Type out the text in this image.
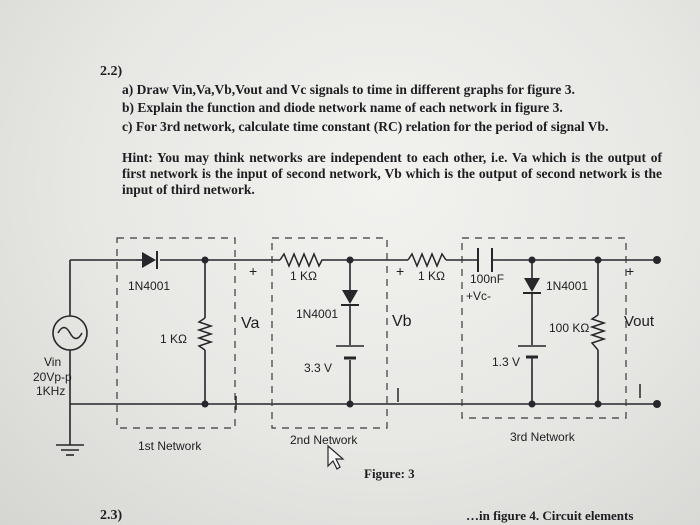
2.2)
a) Draw Vin,Va,Vb,Vout and Vc signals to time in different graphs for figure 3.
b) Explain the function and diode network name of each network in figure 3.
c) For 3rd network, calculate time constant (RC) relation for the period of signal Vb.
Hint: You may think networks are independent to each other, i.e. Va which is the output of first network is the input of second network, Vb which is the output of second network is the input of third network.
1N4001
1 KΩ
1 KΩ
1N4001
3.3 V
1 KΩ 100nF
+Vc-
1N4001
100 KΩ
1.3 V
Vin
20Vp-p
1KHz
+
Va
+
Vb
+
Vout
1st Network	2nd Network	3rd Network
Figure: 3
2.3)	…in figure 4. Circuit elements
